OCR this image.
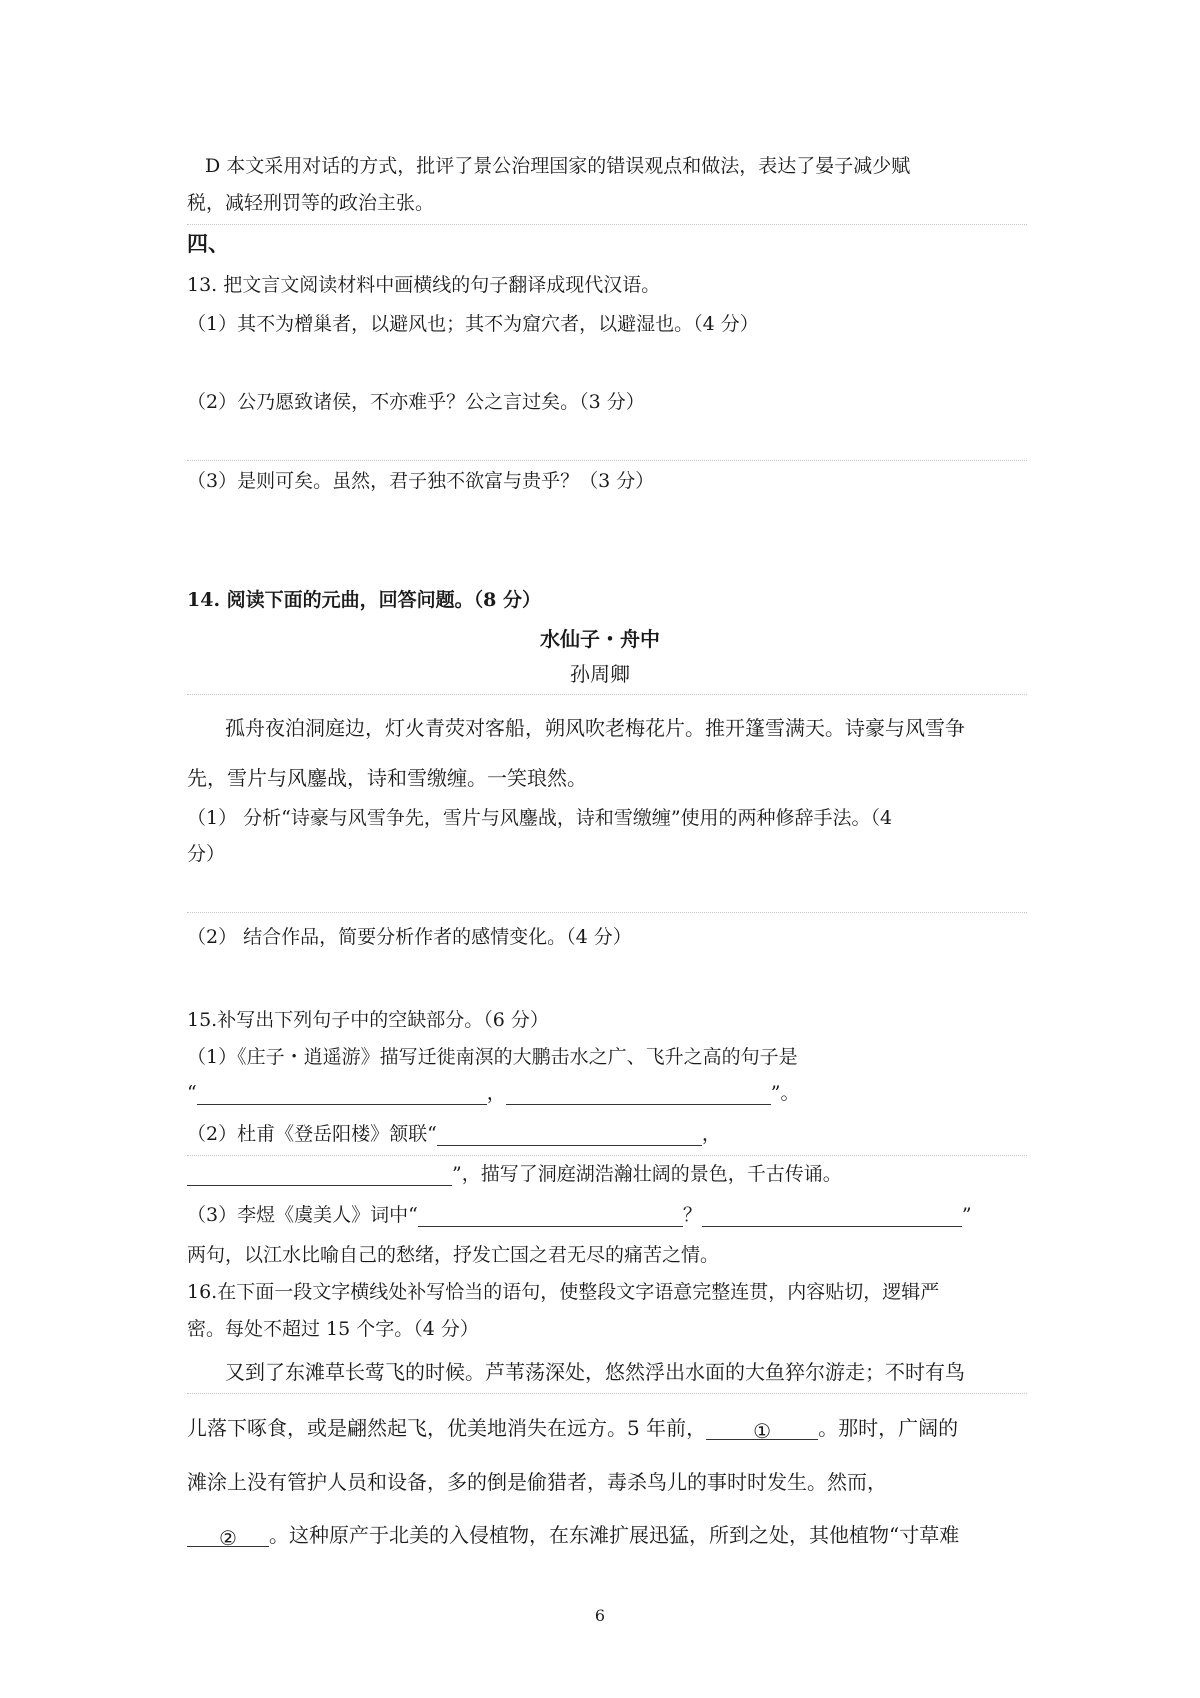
D 本文采用对话的方式，批评了景公治理国家的错误观点和做法，表达了晏子减少赋
税，减轻刑罚等的政治主张。
四、
13. 把文言文阅读材料中画横线的句子翻译成现代汉语。
（1）其不为橧巢者，以避风也；其不为窟穴者，以避湿也。（4 分）
（2）公乃愿致诸侯，不亦难乎？公之言过矣。（3 分）
（3）是则可矣。虽然，君子独不欲富与贵乎？（3 分）
14. 阅读下面的元曲，回答问题。（8 分）
水仙子・舟中
孙周卿
孤舟夜泊洞庭边，灯火青荧对客船，朔风吹老梅花片。推开篷雪满天。诗豪与风雪争
先，雪片与风鏖战，诗和雪缴缠。一笑琅然。
（1） 分析“诗豪与风雪争先，雪片与风鏖战，诗和雪缴缠”使用的两种修辞手法。（4
分）
（2） 结合作品，简要分析作者的感情变化。（4 分）
15.补写出下列句子中的空缺部分。（6 分）
（1）《庄子・逍遥游》描写迁徙南溟的大鹏击水之广、飞升之高的句子是
“	，	”。
（2）杜甫《登岳阳楼》颔联“	，
”，描写了洞庭湖浩瀚壮阔的景色，千古传诵。
（3）李煜《虞美人》词中“	？	”
两句，以江水比喻自己的愁绪，抒发亡国之君无尽的痛苦之情。
16.在下面一段文字横线处补写恰当的语句，使整段文字语意完整连贯，内容贴切，逻辑严
密。每处不超过 15 个字。（4 分）
又到了东滩草长莺飞的时候。芦苇荡深处，悠然浮出水面的大鱼猝尔游走；不时有鸟
儿落下啄食，或是翩然起飞，优美地消失在远方。5 年前， ① 。那时，广阔的
滩涂上没有管护人员和设备，多的倒是偷猎者，毒杀鸟儿的事时时发生。然而，
② 。这种原产于北美的入侵植物，在东滩扩展迅猛，所到之处，其他植物“寸草难
6
